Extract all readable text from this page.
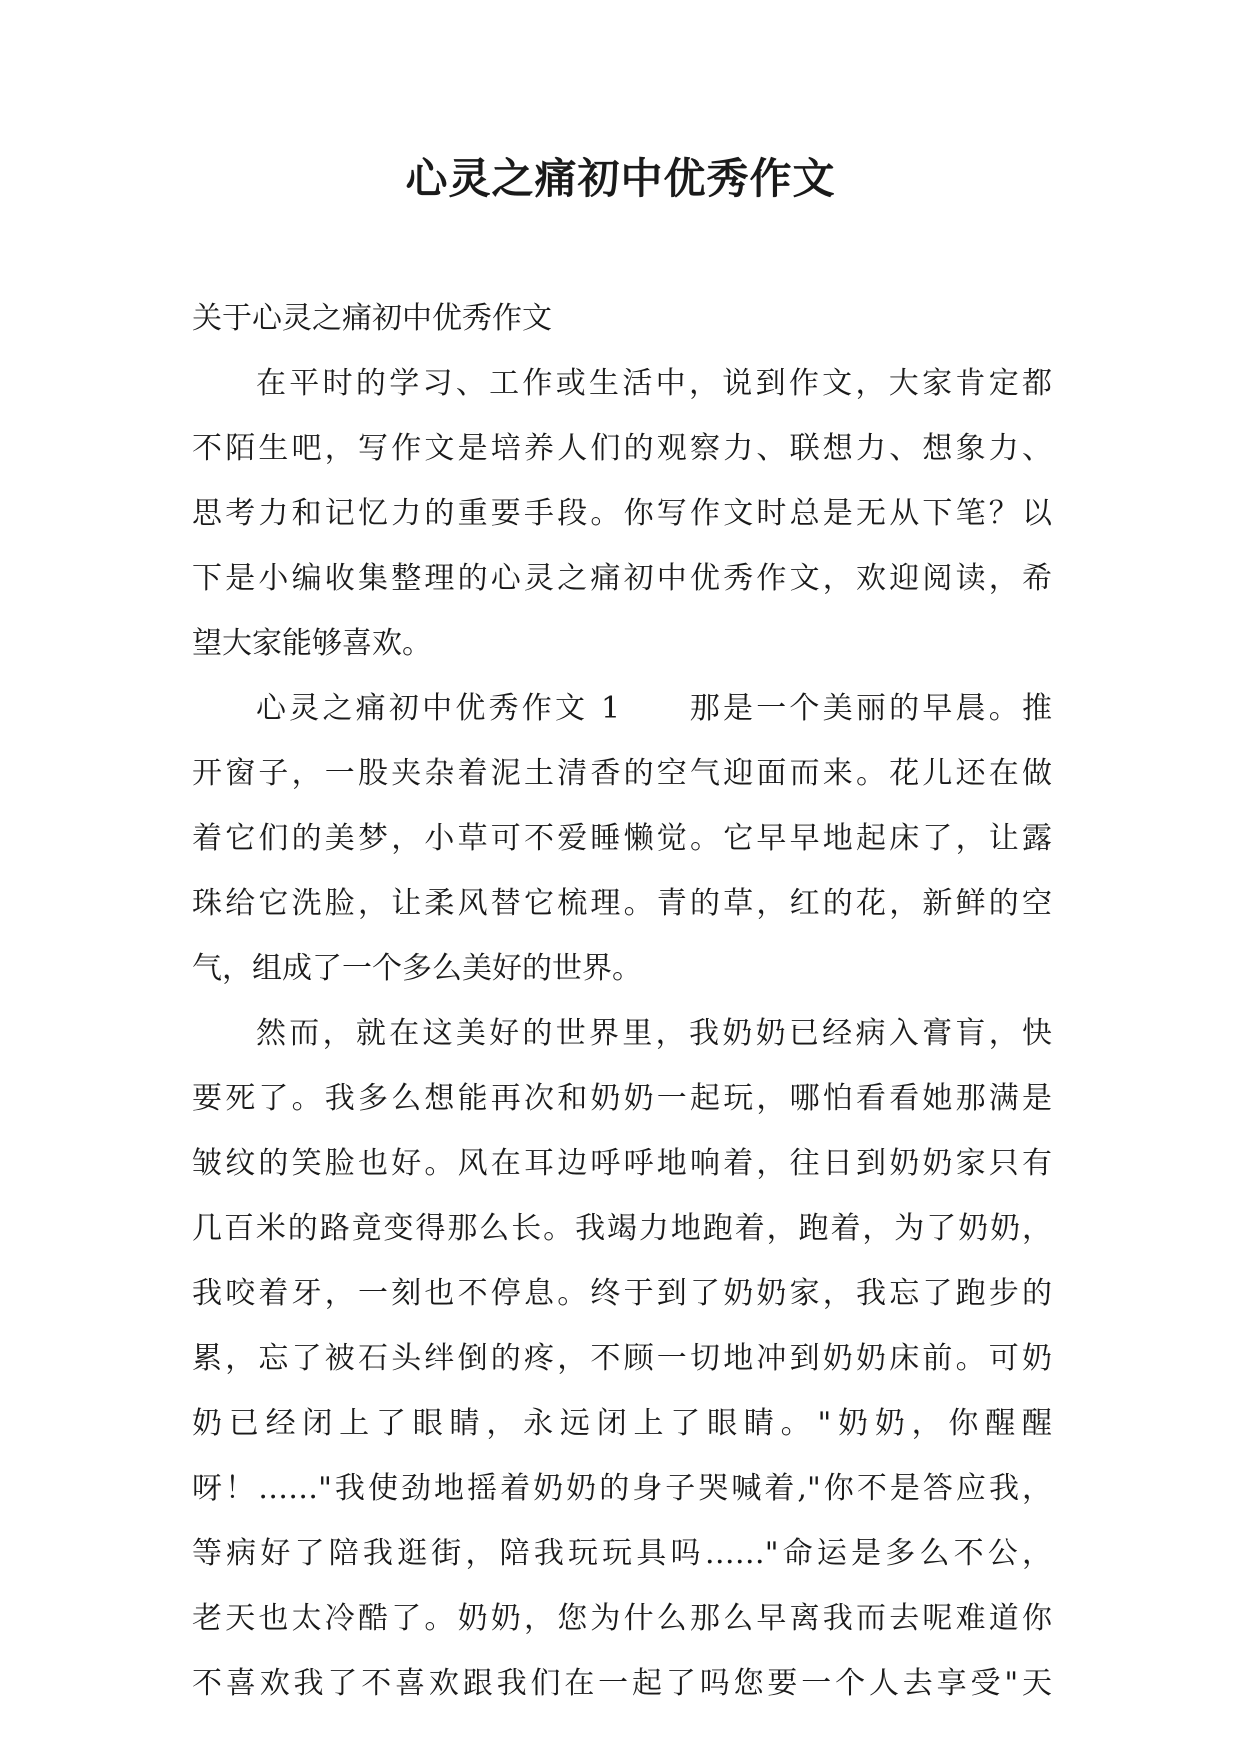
心灵之痛初中优秀作文
关于心灵之痛初中优秀作文
在平时的学习、工作或生活中，说到作文，大家肯定都
不陌生吧，写作文是培养人们的观察力、联想力、想象力、
思考力和记忆力的重要手段。你写作文时总是无从下笔？以
下是小编收集整理的心灵之痛初中优秀作文，欢迎阅读，希
望大家能够喜欢。
心灵之痛初中优秀作文 1　　那是一个美丽的早晨。推
开窗子，一股夹杂着泥土清香的空气迎面而来。花儿还在做
着它们的美梦，小草可不爱睡懒觉。它早早地起床了，让露
珠给它洗脸，让柔风替它梳理。青的草，红的花，新鲜的空
气，组成了一个多么美好的世界。
然而，就在这美好的世界里，我奶奶已经病入膏肓，快
要死了。我多么想能再次和奶奶一起玩，哪怕看看她那满是
皱纹的笑脸也好。风在耳边呼呼地响着，往日到奶奶家只有
几百米的路竟变得那么长。我竭力地跑着，跑着，为了奶奶，
我咬着牙，一刻也不停息。终于到了奶奶家，我忘了跑步的
累，忘了被石头绊倒的疼，不顾一切地冲到奶奶床前。可奶
奶已经闭上了眼睛，永远闭上了眼睛。"奶奶，你醒醒
呀！……"我使劲地摇着奶奶的身子哭喊着,"你不是答应我，
等病好了陪我逛街，陪我玩玩具吗……"命运是多么不公，
老天也太冷酷了。奶奶，您为什么那么早离我而去呢难道你
不喜欢我了不喜欢跟我们在一起了吗您要一个人去享受"天
